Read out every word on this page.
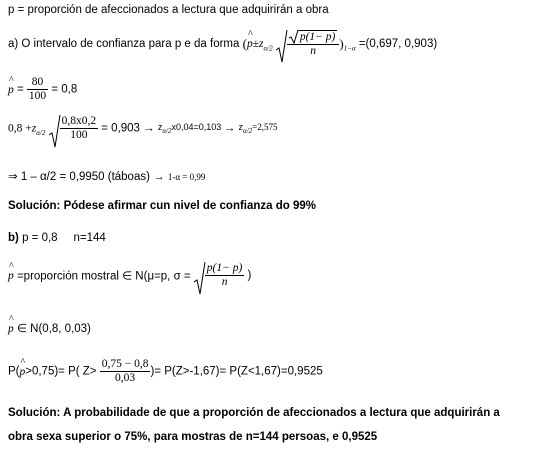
p = proporción de afeccionados a lectura que adquirirán a obra
a) O intervalo de confianza para p e da forma (^ $p\pm z_{\alpha/2} \frac{p(1- p)}{n} )_{1-\alpha} =(0,697$, 0,903)
^ $p = \frac{80}{100} = 0,8$
$0,8 +z_{\alpha/2} \frac{0,8x0,2}{100} = 0,903 \to z_{\alpha/2}x0,04=0,103 \to z_{\alpha/2}=2,575$
⇒ 1 – α/2 = 0,9950 (táboas) → 1-α = 0,99
Solución: Pódese afirmar cun nivel de confianza do 99%
b) p = 0,8     n=144
^ p =proporción mostral ∈ N(μ=p, $\sigma = \frac{p(1- p)}{n}$ )
^ p ∈ N(0,8, 0,03)
P(^ p>0,75)= P( $Z> \frac{0,75 - 0,8}{0,03}$ )= P(Z>-1,67)= P(Z<1,67)=0,9525
Solución: A probabilidade de que a proporción de afeccionados a lectura que adquirirán a
obra sexa superior o 75%, para mostras de n=144 persoas, e 0,9525
